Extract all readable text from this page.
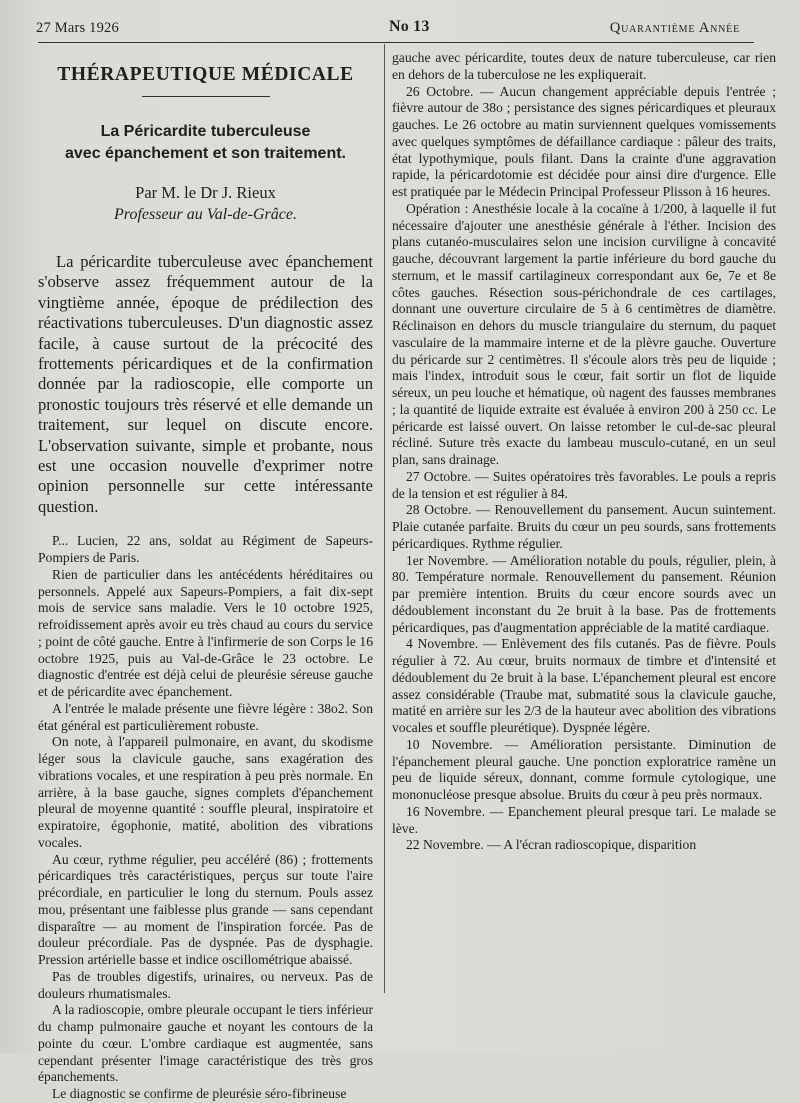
27 Mars 1926	No 13	Quarantième Année
THÉRAPEUTIQUE MÉDICALE
La Péricardite tuberculeuse
avec épanchement et son traitement.
Par M. le Dr J. Rieux
Professeur au Val-de-Grâce.
La péricardite tuberculeuse avec épanchement s'observe assez fréquemment autour de la vingtième année, époque de prédilection des réactivations tuberculeuses. D'un diagnostic assez facile, à cause surtout de la précocité des frottements péricardiques et de la confirmation donnée par la radioscopie, elle comporte un pronostic toujours très réservé et elle demande un traitement, sur lequel on discute encore. L'observation suivante, simple et probante, nous est une occasion nouvelle d'exprimer notre opinion personnelle sur cette intéressante question.

P... Lucien, 22 ans, soldat au Régiment de Sapeurs-Pompiers de Paris.

Rien de particulier dans les antécédents héréditaires ou personnels. Appelé aux Sapeurs-Pompiers, a fait dix-sept mois de service sans maladie. Vers le 10 octobre 1925, refroidissement après avoir eu très chaud au cours du service ; point de côté gauche. Entre à l'infirmerie de son Corps le 16 octobre 1925, puis au Val-de-Grâce le 23 octobre. Le diagnostic d'entrée est déjà celui de pleurésie séreuse gauche et de péricardite avec épanchement.

A l'entrée le malade présente une fièvre légère : 38o2. Son état général est particulièrement robuste.

On note, à l'appareil pulmonaire, en avant, du skodisme léger sous la clavicule gauche, sans exagération des vibrations vocales, et une respiration à peu près normale. En arrière, à la base gauche, signes complets d'épanchement pleural de moyenne quantité : souffle pleural, inspiratoire et expiratoire, égophonie, matité, abolition des vibrations vocales.

Au cœur, rythme régulier, peu accéléré (86) ; frottements péricardiques très caractéristiques, perçus sur toute l'aire précordiale, en particulier le long du sternum. Pouls assez mou, présentant une faiblesse plus grande — sans cependant disparaître — au moment de l'inspiration forcée. Pas de douleur précordiale. Pas de dyspnée. Pas de dysphagie. Pression artérielle basse et indice oscillométrique abaissé.

Pas de troubles digestifs, urinaires, ou nerveux. Pas de douleurs rhumatismales.

A la radioscopie, ombre pleurale occupant le tiers inférieur du champ pulmonaire gauche et noyant les contours de la pointe du cœur. L'ombre cardiaque est augmentée, sans cependant présenter l'image caractéristique des très gros épanchements.

Le diagnostic se confirme de pleurésie séro-fibrineuse

gauche avec péricardite, toutes deux de nature tuberculeuse, car rien en dehors de la tuberculose ne les expliquerait.

26 Octobre. — Aucun changement appréciable depuis l'entrée ; fièvre autour de 38o ; persistance des signes péricardiques et pleuraux gauches. Le 26 octobre au matin surviennent quelques vomissements avec quelques symptômes de défaillance cardiaque : pâleur des traits, état lypothymique, pouls filant. Dans la crainte d'une aggravation rapide, la péricardotomie est décidée pour ainsi dire d'urgence. Elle est pratiquée par le Médecin Principal Professeur Plisson à 16 heures.

Opération : Anesthésie locale à la cocaïne à 1/200, à laquelle il fut nécessaire d'ajouter une anesthésie générale à l'éther. Incision des plans cutanéo-musculaires selon une incision curviligne à concavité gauche, découvrant largement la partie inférieure du bord gauche du sternum, et le massif cartilagineux correspondant aux 6e, 7e et 8e côtes gauches. Résection sous-périchondrale de ces cartilages, donnant une ouverture circulaire de 5 à 6 centimètres de diamètre. Réclinaison en dehors du muscle triangulaire du sternum, du paquet vasculaire de la mammaire interne et de la plèvre gauche. Ouverture du péricarde sur 2 centimètres. Il s'écoule alors très peu de liquide ; mais l'index, introduit sous le cœur, fait sortir un flot de liquide séreux, un peu louche et hématique, où nagent des fausses membranes ; la quantité de liquide extraite est évaluée à environ 200 à 250 cc. Le péricarde est laissé ouvert. On laisse retomber le cul-de-sac pleural récliné. Suture très exacte du lambeau musculo-cutané, en un seul plan, sans drainage.

27 Octobre. — Suites opératoires très favorables. Le pouls a repris de la tension et est régulier à 84.

28 Octobre. — Renouvellement du pansement. Aucun suintement. Plaie cutanée parfaite. Bruits du cœur un peu sourds, sans frottements péricardiques. Rythme régulier.

1er Novembre. — Amélioration notable du pouls, régulier, plein, à 80. Température normale. Renouvellement du pansement. Réunion par première intention. Bruits du cœur encore sourds avec un dédoublement inconstant du 2e bruit à la base. Pas de frottements péricardiques, pas d'augmentation appréciable de la matité cardiaque.

4 Novembre. — Enlèvement des fils cutanés. Pas de fièvre. Pouls régulier à 72. Au cœur, bruits normaux de timbre et d'intensité et dédoublement du 2e bruit à la base. L'épanchement pleural est encore assez considérable (Traube mat, submatité sous la clavicule gauche, matité en arrière sur les 2/3 de la hauteur avec abolition des vibrations vocales et souffle pleurétique). Dyspnée légère.

10 Novembre. — Amélioration persistante. Diminution de l'épanchement pleural gauche. Une ponction exploratrice ramène un peu de liquide séreux, donnant, comme formule cytologique, une mononucléose presque absolue. Bruits du cœur à peu près normaux.

16 Novembre. — Epanchement pleural presque tari. Le malade se lève.

22 Novembre. — A l'écran radioscopique, disparition
